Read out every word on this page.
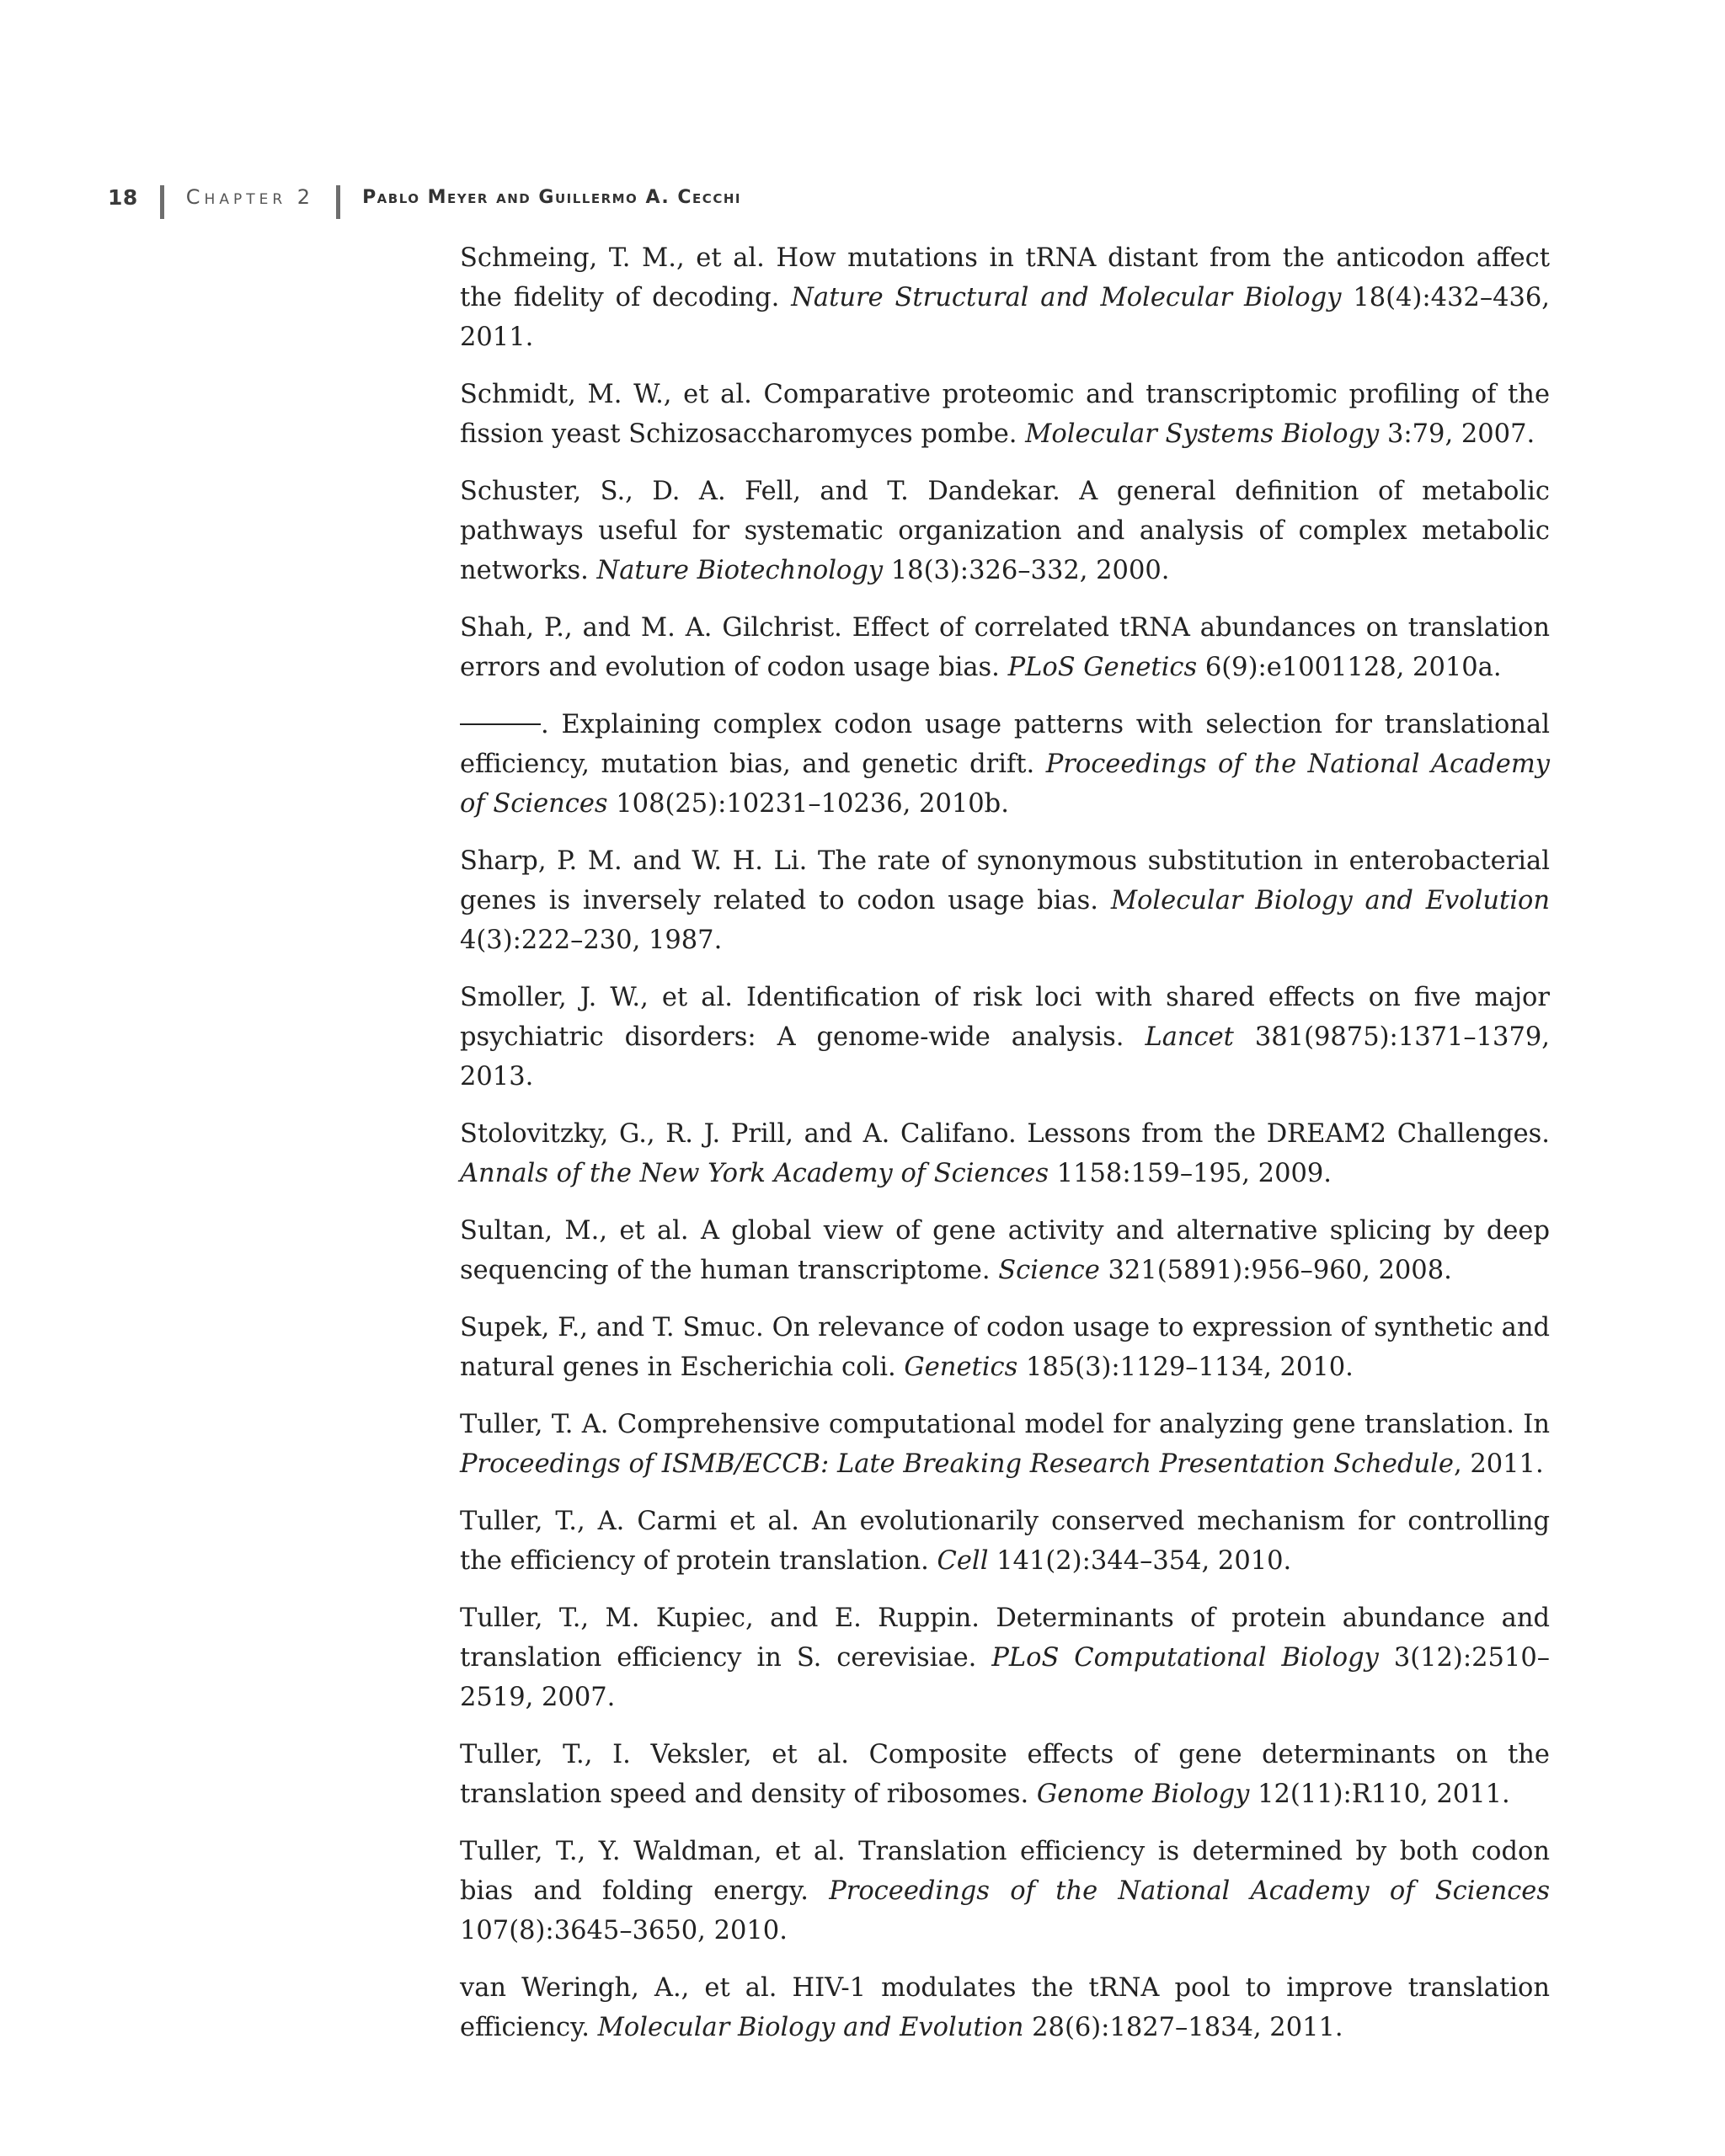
18 Chapter 2	Pablo Meyer and Guillermo A. Cecchi
Schmeing, T. M., et al. How mutations in tRNA distant from the anticodon affect the fidelity of decoding. Nature Structural and Molecular Biology 18(4):432–436, 2011.
Schmidt, M. W., et al. Comparative proteomic and transcriptomic profiling of the fission yeast Schizosaccharomyces pombe. Molecular Systems Biology 3:79, 2007.
Schuster, S., D. A. Fell, and T. Dandekar. A general definition of metabolic pathways useful for systematic organization and analysis of complex metabolic networks. Nature Biotechnology 18(3):326–332, 2000.
Shah, P., and M. A. Gilchrist. Effect of correlated tRNA abundances on translation errors and evolution of codon usage bias. PLoS Genetics 6(9):e1001128, 2010a.
. Explaining complex codon usage patterns with selection for translational efficiency, mutation bias, and genetic drift. Proceedings of the National Academy of Sciences 108(25):10231–10236, 2010b.
Sharp, P. M. and W. H. Li. The rate of synonymous substitution in enterobacterial genes is inversely related to codon usage bias. Molecular Biology and Evolution 4(3):222–230, 1987.
Smoller, J. W., et al. Identification of risk loci with shared effects on five major psychiatric disorders: A genome-wide analysis. Lancet 381(9875):1371–1379, 2013.
Stolovitzky, G., R. J. Prill, and A. Califano. Lessons from the DREAM2 Challenges. Annals of the New York Academy of Sciences 1158:159–195, 2009.
Sultan, M., et al. A global view of gene activity and alternative splicing by deep sequencing of the human transcriptome. Science 321(5891):956–960, 2008.
Supek, F., and T. Smuc. On relevance of codon usage to expression of synthetic and natural genes in Escherichia coli. Genetics 185(3):1129–1134, 2010.
Tuller, T. A. Comprehensive computational model for analyzing gene translation. In Proceedings of ISMB/ECCB: Late Breaking Research Presentation Schedule, 2011.
Tuller, T., A. Carmi et al. An evolutionarily conserved mechanism for controlling the efficiency of protein translation. Cell 141(2):344–354, 2010.
Tuller, T., M. Kupiec, and E. Ruppin. Determinants of protein abundance and translation efficiency in S. cerevisiae. PLoS Computational Biology 3(12):2510–2519, 2007.
Tuller, T., I. Veksler, et al. Composite effects of gene determinants on the translation speed and density of ribosomes. Genome Biology 12(11):R110, 2011.
Tuller, T., Y. Waldman, et al. Translation efficiency is determined by both codon bias and folding energy. Proceedings of the National Academy of Sciences 107(8):3645–3650, 2010.
van Weringh, A., et al. HIV-1 modulates the tRNA pool to improve translation efficiency. Molecular Biology and Evolution 28(6):1827–1834, 2011.
